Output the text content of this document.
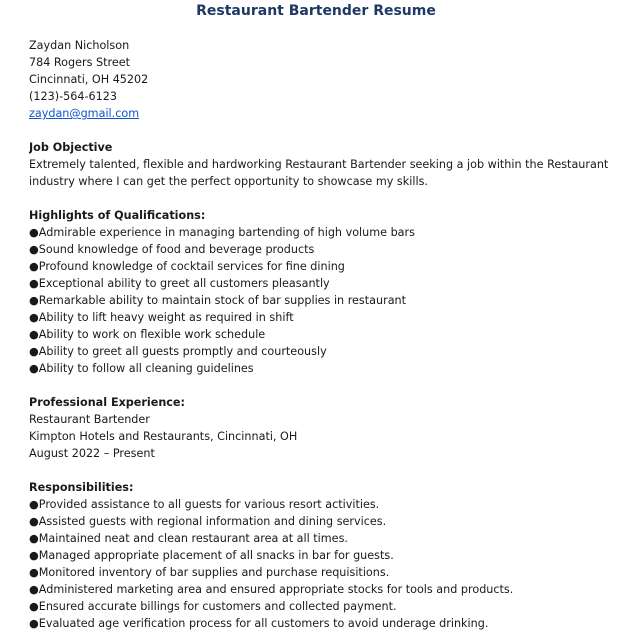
Restaurant Bartender Resume
Zaydan Nicholson
784 Rogers Street
Cincinnati, OH 45202
(123)-564-6123
zaydan@gmail.com
Job Objective
Extremely talented, flexible and hardworking Restaurant Bartender seeking a job within the Restaurant
industry where I can get the perfect opportunity to showcase my skills.
Highlights of Qualifications:
●Admirable experience in managing bartending of high volume bars
●Sound knowledge of food and beverage products
●Profound knowledge of cocktail services for fine dining
●Exceptional ability to greet all customers pleasantly
●Remarkable ability to maintain stock of bar supplies in restaurant
●Ability to lift heavy weight as required in shift
●Ability to work on flexible work schedule
●Ability to greet all guests promptly and courteously
●Ability to follow all cleaning guidelines
Professional Experience:
Restaurant Bartender
Kimpton Hotels and Restaurants, Cincinnati, OH
August 2022 – Present
Responsibilities:
●Provided assistance to all guests for various resort activities.
●Assisted guests with regional information and dining services.
●Maintained neat and clean restaurant area at all times.
●Managed appropriate placement of all snacks in bar for guests.
●Monitored inventory of bar supplies and purchase requisitions.
●Administered marketing area and ensured appropriate stocks for tools and products.
●Ensured accurate billings for customers and collected payment.
●Evaluated age verification process for all customers to avoid underage drinking.
